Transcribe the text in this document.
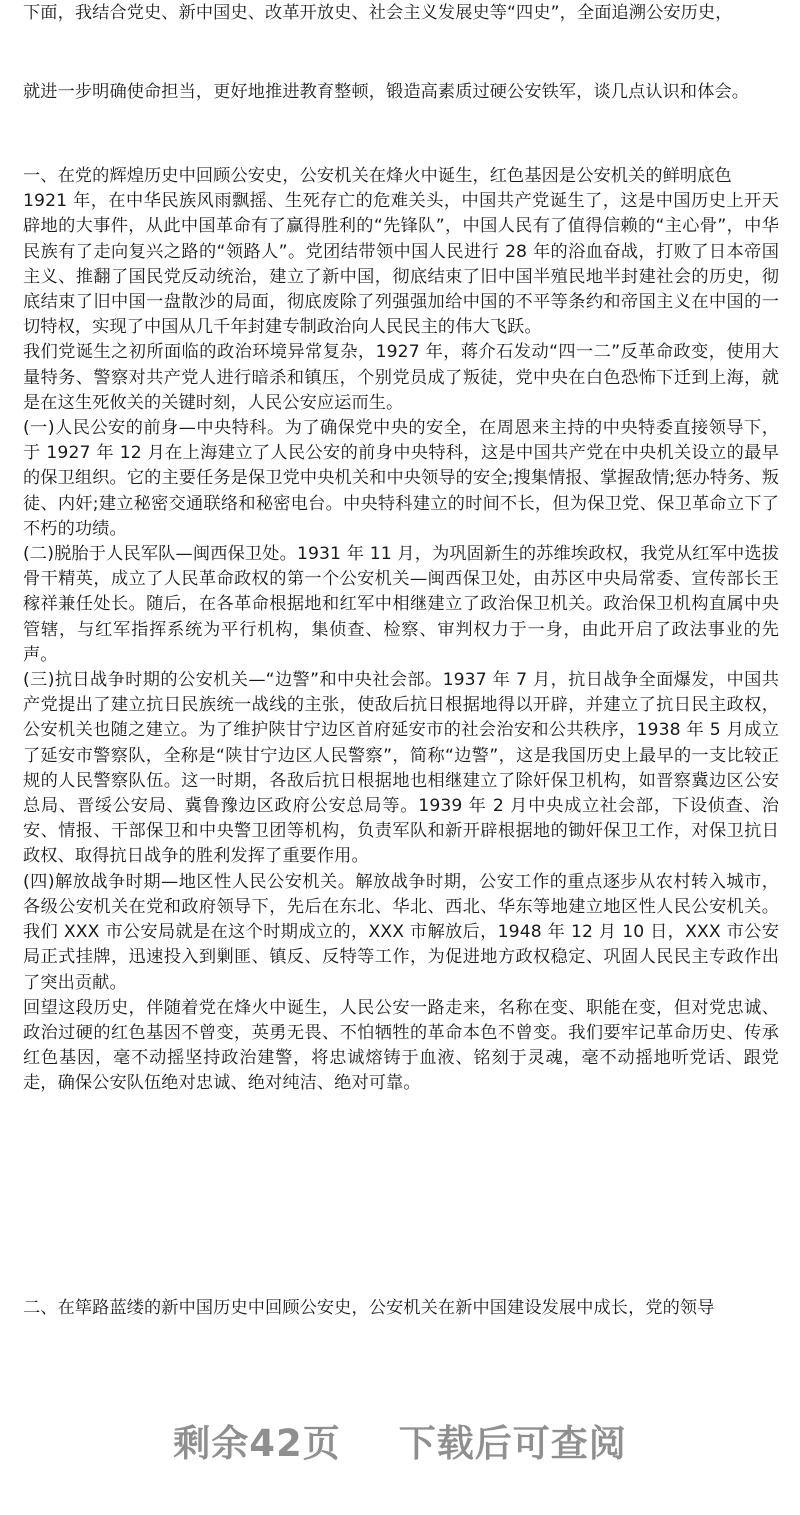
· ·

下面，我结合党史、新中国史、改革开放史、社会主义发展史等“四史”，全面追溯公安历史，

就进一步明确使命担当，更好地推进教育整顿，锻造高素质过硬公安铁军，谈几点认识和体会。

一、在党的辉煌历史中回顾公安史，公安机关在烽火中诞生，红色基因是公安机关的鲜明底色

1921 年，在中华民族风雨飘摇、生死存亡的危难关头，中国共产党诞生了，这是中国历史上开天辟地的大事件，从此中国革命有了赢得胜利的“先锋队”，中国人民有了值得信赖的“主心骨”，中华民族有了走向复兴之路的“领路人”。党团结带领中国人民进行 28 年的浴血奋战，打败了日本帝国主义、推翻了国民党反动统治，建立了新中国，彻底结束了旧中国半殖民地半封建社会的历史，彻底结束了旧中国一盘散沙的局面，彻底废除了列强强加给中国的不平等条约和帝国主义在中国的一切特权，实现了中国从几千年封建专制政治向人民民主的伟大飞跃。

我们党诞生之初所面临的政治环境异常复杂，1927 年，蒋介石发动“四一二”反革命政变，使用大量特务、警察对共产党人进行暗杀和镇压，个别党员成了叛徒，党中央在白色恐怖下迁到上海，就是在这生死攸关的关键时刻，人民公安应运而生。

(一)人民公安的前身—中央特科。为了确保党中央的安全，在周恩来主持的中央特委直接领导下，于 1927 年 12 月在上海建立了人民公安的前身中央特科，这是中国共产党在中央机关设立的最早的保卫组织。它的主要任务是保卫党中央机关和中央领导的安全;搜集情报、掌握敌情;惩办特务、叛徒、内奸;建立秘密交通联络和秘密电台。中央特科建立的时间不长，但为保卫党、保卫革命立下了不朽的功绩。

(二)脱胎于人民军队—闽西保卫处。1931 年 11 月，为巩固新生的苏维埃政权，我党从红军中选拔骨干精英，成立了人民革命政权的第一个公安机关—闽西保卫处，由苏区中央局常委、宣传部长王稼祥兼任处长。随后，在各革命根据地和红军中相继建立了政治保卫机关。政治保卫机构直属中央管辖，与红军指挥系统为平行机构，集侦查、检察、审判权力于一身，由此开启了政法事业的先声。

(三)抗日战争时期的公安机关—“边警”和中央社会部。1937 年 7 月，抗日战争全面爆发，中国共产党提出了建立抗日民族统一战线的主张，使敌后抗日根据地得以开辟，并建立了抗日民主政权，公安机关也随之建立。为了维护陕甘宁边区首府延安市的社会治安和公共秩序，1938 年 5 月成立了延安市警察队，全称是“陕甘宁边区人民警察”，简称“边警”，这是我国历史上最早的一支比较正规的人民警察队伍。这一时期，各敌后抗日根据地也相继建立了除奸保卫机构，如晋察冀边区公安总局、晋绥公安局、冀鲁豫边区政府公安总局等。1939 年 2 月中央成立社会部，下设侦查、治安、情报、干部保卫和中央警卫团等机构，负责军队和新开辟根据地的锄奸保卫工作，对保卫抗日政权、取得抗日战争的胜利发挥了重要作用。

(四)解放战争时期—地区性人民公安机关。解放战争时期，公安工作的重点逐步从农村转入城市，各级公安机关在党和政府领导下，先后在东北、华北、西北、华东等地建立地区性人民公安机关。我们 XXX 市公安局就是在这个时期成立的，XXX 市解放后，1948 年 12 月 10 日，XXX 市公安局正式挂牌，迅速投入到剿匪、镇反、反特等工作，为促进地方政权稳定、巩固人民民主专政作出了突出贡献。

回望这段历史，伴随着党在烽火中诞生，人民公安一路走来，名称在变、职能在变，但对党忠诚、政治过硬的红色基因不曾变，英勇无畏、不怕牺牲的革命本色不曾变。我们要牢记革命历史、传承红色基因，毫不动摇坚持政治建警，将忠诚熔铸于血液、铭刻于灵魂，毫不动摇地听党话、跟党走，确保公安队伍绝对忠诚、绝对纯洁、绝对可靠。

二、在筚路蓝缕的新中国历史中回顾公安史，公安机关在新中国建设发展中成长，党的领导

剩余42页 下载后可查阅
